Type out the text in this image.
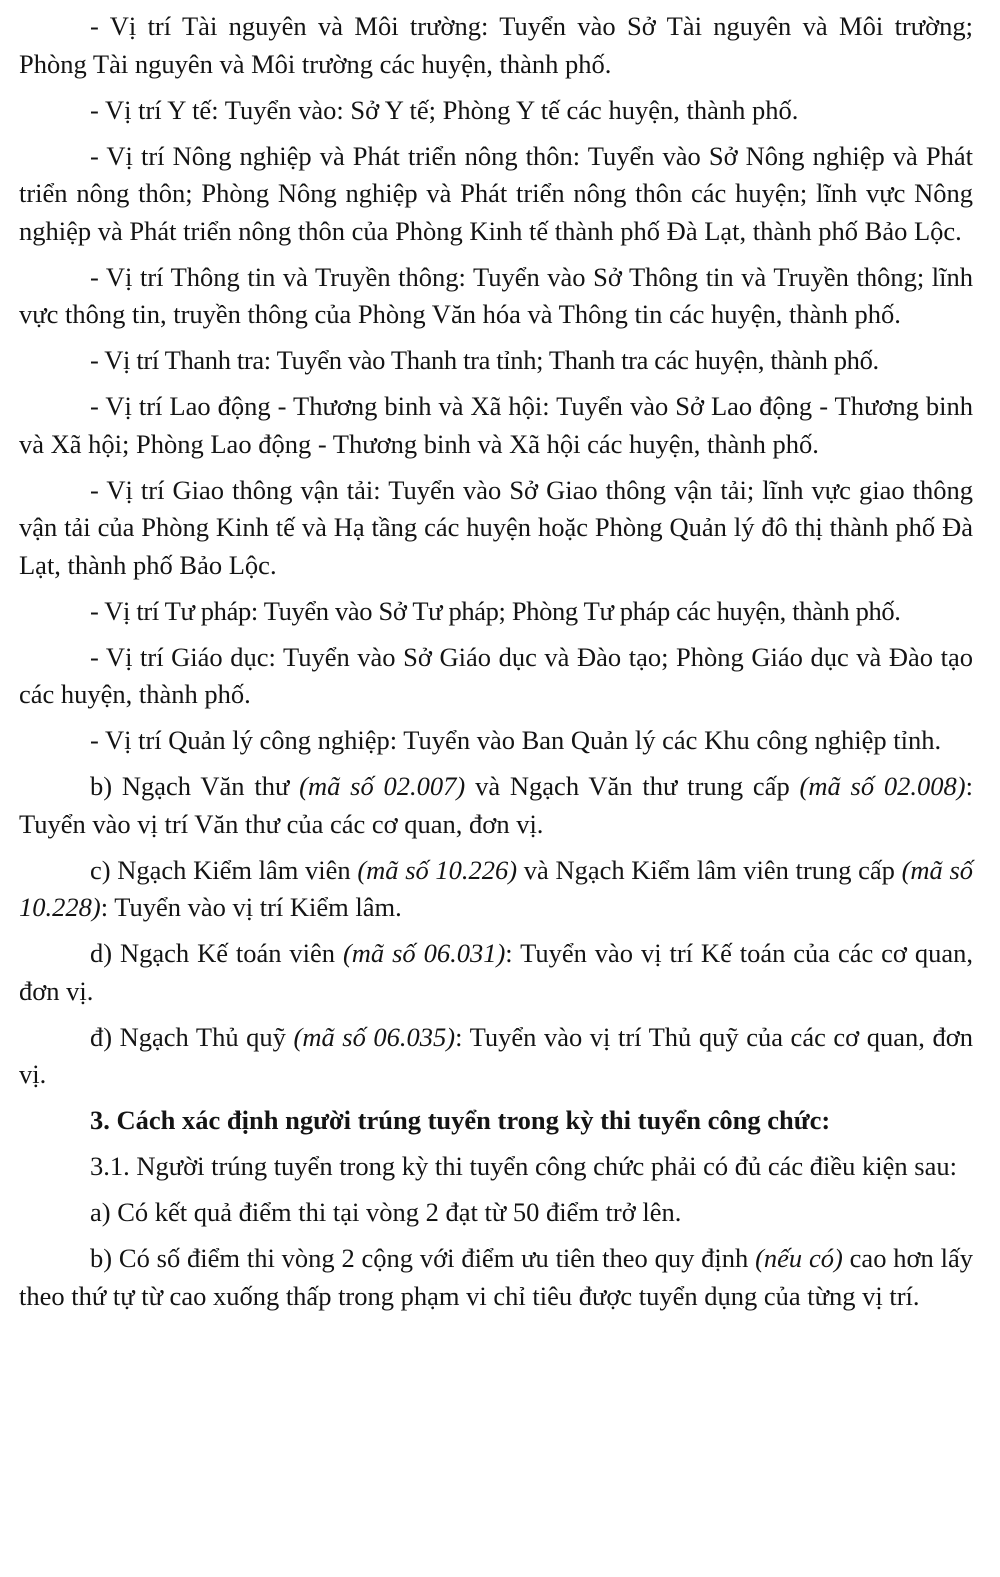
- Vị trí Tài nguyên và Môi trường: Tuyển vào Sở Tài nguyên và Môi trường; Phòng Tài nguyên và Môi trường các huyện, thành phố.

- Vị trí Y tế: Tuyển vào: Sở Y tế; Phòng Y tế các huyện, thành phố.

- Vị trí Nông nghiệp và Phát triển nông thôn: Tuyển vào Sở Nông nghiệp và Phát triển nông thôn; Phòng Nông nghiệp và Phát triển nông thôn các huyện; lĩnh vực Nông nghiệp và Phát triển nông thôn của Phòng Kinh tế thành phố Đà Lạt, thành phố Bảo Lộc.

- Vị trí Thông tin và Truyền thông: Tuyển vào Sở Thông tin và Truyền thông; lĩnh vực thông tin, truyền thông của Phòng Văn hóa và Thông tin các huyện, thành phố.

- Vị trí Thanh tra: Tuyển vào Thanh tra tỉnh; Thanh tra các huyện, thành phố.

- Vị trí Lao động - Thương binh và Xã hội: Tuyển vào Sở Lao động - Thương binh và Xã hội; Phòng Lao động - Thương binh và Xã hội các huyện, thành phố.

- Vị trí Giao thông vận tải: Tuyển vào Sở Giao thông vận tải; lĩnh vực giao thông vận tải của Phòng Kinh tế và Hạ tầng các huyện hoặc Phòng Quản lý đô thị thành phố Đà Lạt, thành phố Bảo Lộc.

- Vị trí Tư pháp: Tuyển vào Sở Tư pháp; Phòng Tư pháp các huyện, thành phố.

- Vị trí Giáo dục: Tuyển vào Sở Giáo dục và Đào tạo; Phòng Giáo dục và Đào tạo các huyện, thành phố.

- Vị trí Quản lý công nghiệp: Tuyển vào Ban Quản lý các Khu công nghiệp tỉnh.

b) Ngạch Văn thư (mã số 02.007) và Ngạch Văn thư trung cấp (mã số 02.008): Tuyển vào vị trí Văn thư của các cơ quan, đơn vị.

c) Ngạch Kiểm lâm viên (mã số 10.226) và Ngạch Kiểm lâm viên trung cấp (mã số 10.228): Tuyển vào vị trí Kiểm lâm.

d) Ngạch Kế toán viên (mã số 06.031): Tuyển vào vị trí Kế toán của các cơ quan, đơn vị.

đ) Ngạch Thủ quỹ (mã số 06.035): Tuyển vào vị trí Thủ quỹ của các cơ quan, đơn vị.

3. Cách xác định người trúng tuyển trong kỳ thi tuyển công chức:

3.1. Người trúng tuyển trong kỳ thi tuyển công chức phải có đủ các điều kiện sau:

a) Có kết quả điểm thi tại vòng 2 đạt từ 50 điểm trở lên.

b) Có số điểm thi vòng 2 cộng với điểm ưu tiên theo quy định (nếu có) cao hơn lấy theo thứ tự từ cao xuống thấp trong phạm vi chỉ tiêu được tuyển dụng của từng vị trí.
